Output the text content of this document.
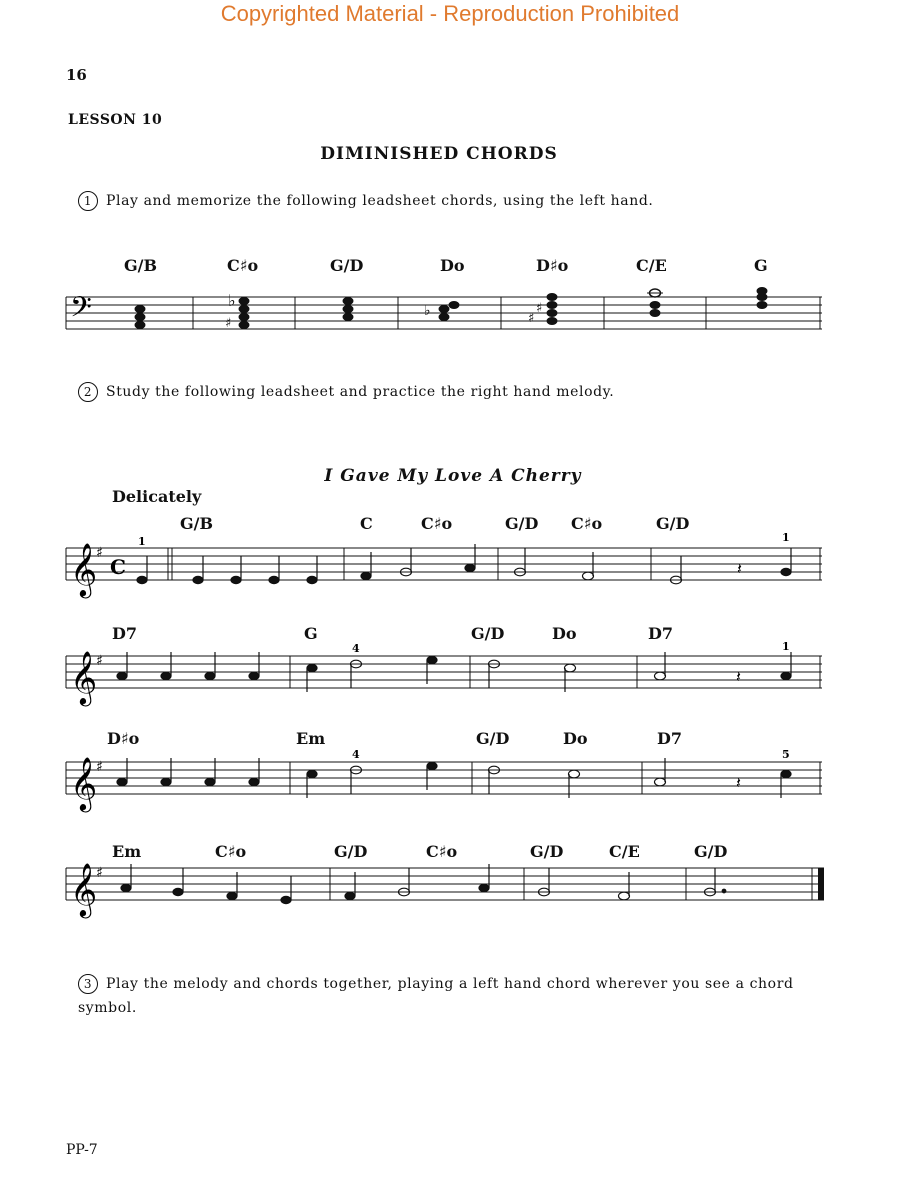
Copyrighted Material - Reproduction Prohibited
16
LESSON 10
DIMINISHED CHORDS
1 Play and memorize the following leadsheet chords, using the left hand.
2 Study the following leadsheet and practice the right hand melody.
3 Play the melody and chords together, playing a left hand chord wherever you see a chord symbol.
G/B	C♯o	G/D	Do	D♯o	C/E	G
I Gave My Love A Cherry
Delicately
G/B	C	C♯o	G/D C♯o	G/D
D7	G	G/D	Do	D7
D♯o	Em	G/D	Do	D7
Em	C♯o	G/D	C♯o	G/D	C/E	G/D
𝄢	♭
♯
♭	♯
♯
𝄞
♯
C	𝄽
1	1
𝄞
♯
𝄽
4	1
𝄞
♯
𝄽
4	5
𝄞
♯
PP-7
